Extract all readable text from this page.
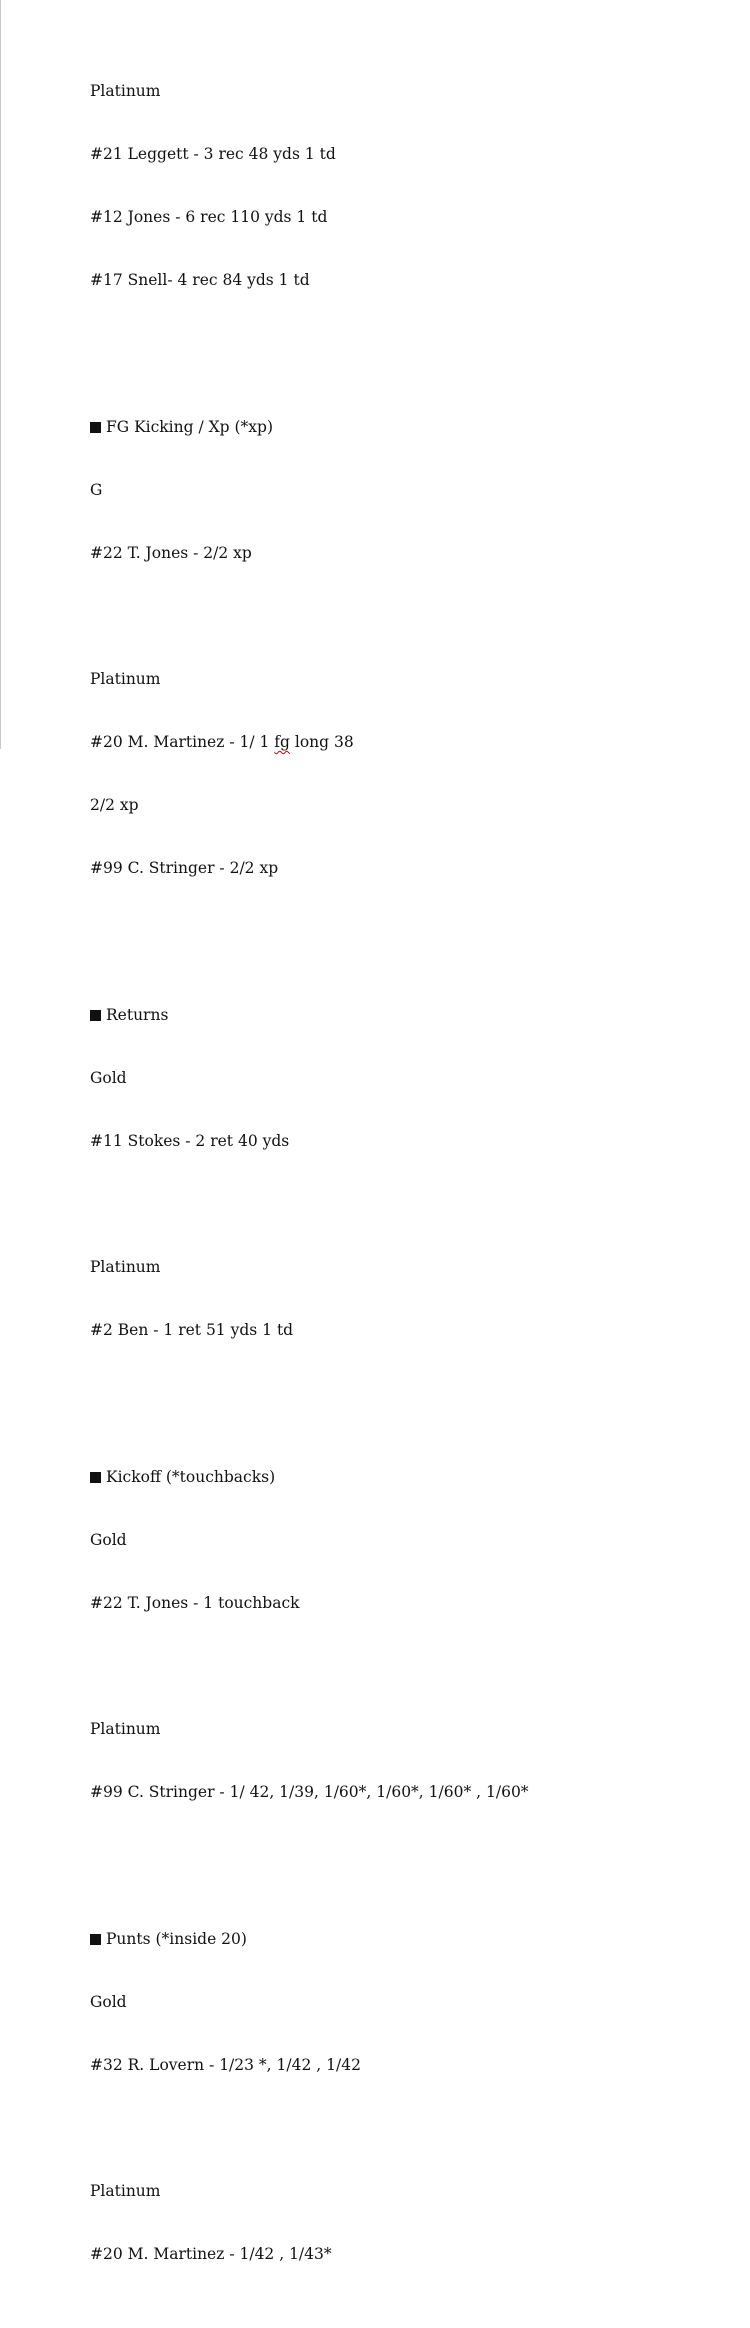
Platinum

#21 Leggett - 3 rec 48 yds 1 td

#12 Jones - 6 rec 110 yds 1 td

#17 Snell- 4 rec 84 yds 1 td

FG Kicking / Xp (*xp)

G

#22 T. Jones - 2/2 xp

Platinum

#20 M. Martinez - 1/ 1 fg long 38

2/2 xp

#99 C. Stringer - 2/2 xp

Returns

Gold

#11 Stokes - 2 ret 40 yds

Platinum

#2 Ben - 1 ret 51 yds 1 td

Kickoff (*touchbacks)

Gold

#22 T. Jones - 1 touchback

Platinum

#99 C. Stringer - 1/ 42, 1/39, 1/60*, 1/60*, 1/60* , 1/60*

Punts (*inside 20)

Gold

#32 R. Lovern - 1/23 *, 1/42 , 1/42

Platinum

#20 M. Martinez - 1/42 , 1/43*
